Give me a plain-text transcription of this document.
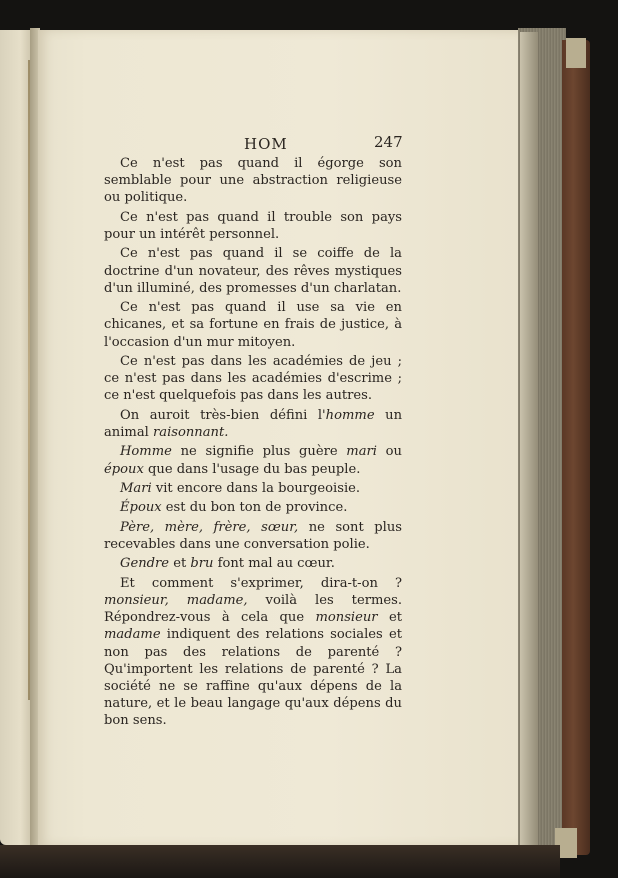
HOM	247

Ce n'est pas quand il égorge son semblable pour une abstraction religieuse ou politique.

Ce n'est pas quand il trouble son pays pour un intérêt personnel.

Ce n'est pas quand il se coiffe de la doctrine d'un novateur, des rêves mystiques d'un illuminé, des promesses d'un charlatan.

Ce n'est pas quand il use sa vie en chicanes, et sa fortune en frais de justice, à l'occasion d'un mur mitoyen.

Ce n'est pas dans les académies de jeu ; ce n'est pas dans les académies d'escrime ; ce n'est quelquefois pas dans les autres.

On auroit très-bien défini l'homme un animal raisonnant.

Homme ne signifie plus guère mari ou époux que dans l'usage du bas peuple.

Mari vit encore dans la bourgeoisie.

Époux est du bon ton de province.

Père, mère, frère, sœur, ne sont plus recevables dans une conversation polie.

Gendre et bru font mal au cœur.

Et comment s'exprimer, dira-t-on ? monsieur, madame, voilà les termes. Répondrez-vous à cela que monsieur et madame indiquent des relations sociales et non pas des relations de parenté ? Qu'importent les relations de parenté ? La société ne se raffine qu'aux dépens de la nature, et le beau langage qu'aux dépens du bon sens.
